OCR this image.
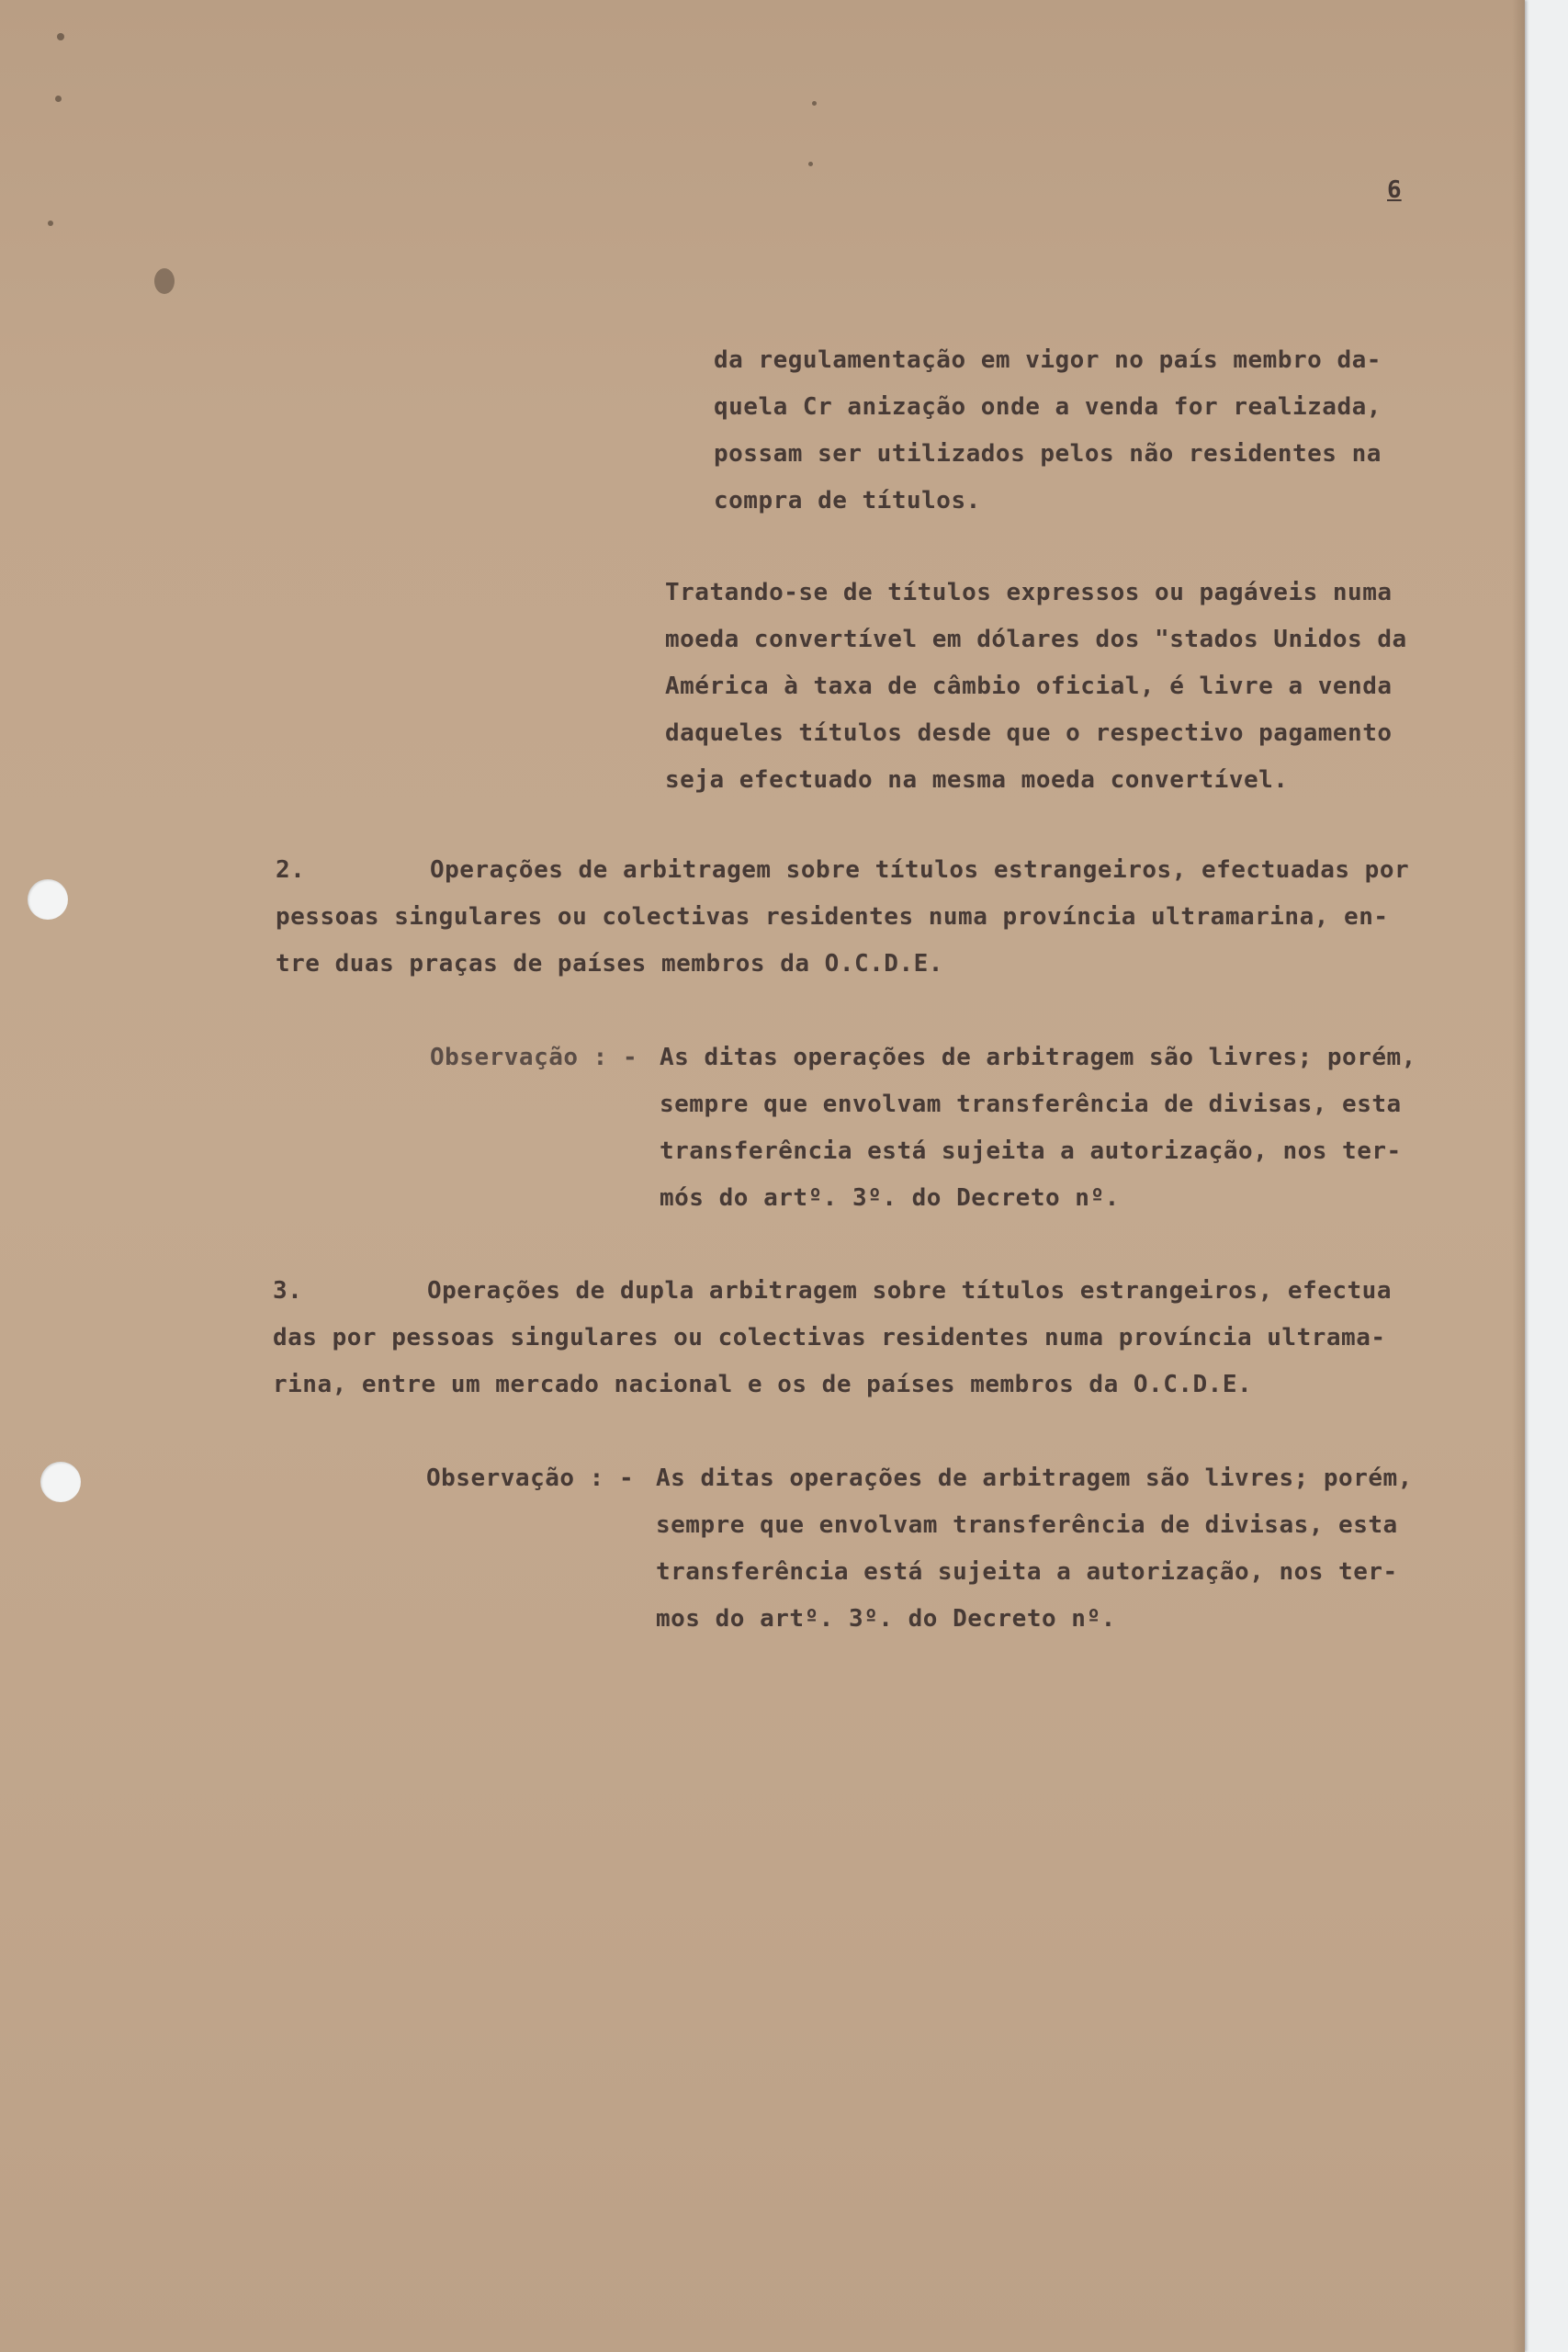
6
da regulamentação em vigor no país membro da-
quela Cr anização onde a venda for realizada,
possam ser utilizados pelos não residentes na
compra de títulos.
Tratando-se de títulos expressos ou pagáveis numa
moeda convertível em dólares dos "stados Unidos da
América à taxa de câmbio oficial, é livre a venda
daqueles títulos desde que o respectivo pagamento
seja efectuado na mesma moeda convertível.
2.	Operações de arbitragem sobre títulos estrangeiros, efectuadas por
pessoas singulares ou colectivas residentes numa província ultramarina, en-
tre duas praças de países membros da O.C.D.E.
Observação : - As ditas operações de arbitragem são livres; porém,
sempre que envolvam transferência de divisas, esta
transferência está sujeita a autorização, nos ter-
mós do artº. 3º. do Decreto nº.
3.	Operações de dupla arbitragem sobre títulos estrangeiros, efectua
das por pessoas singulares ou colectivas residentes numa província ultrama-
rina, entre um mercado nacional e os de países membros da O.C.D.E.
Observação : - As ditas operações de arbitragem são livres; porém,
sempre que envolvam transferência de divisas, esta
transferência está sujeita a autorização, nos ter-
mos do artº. 3º. do Decreto nº.
